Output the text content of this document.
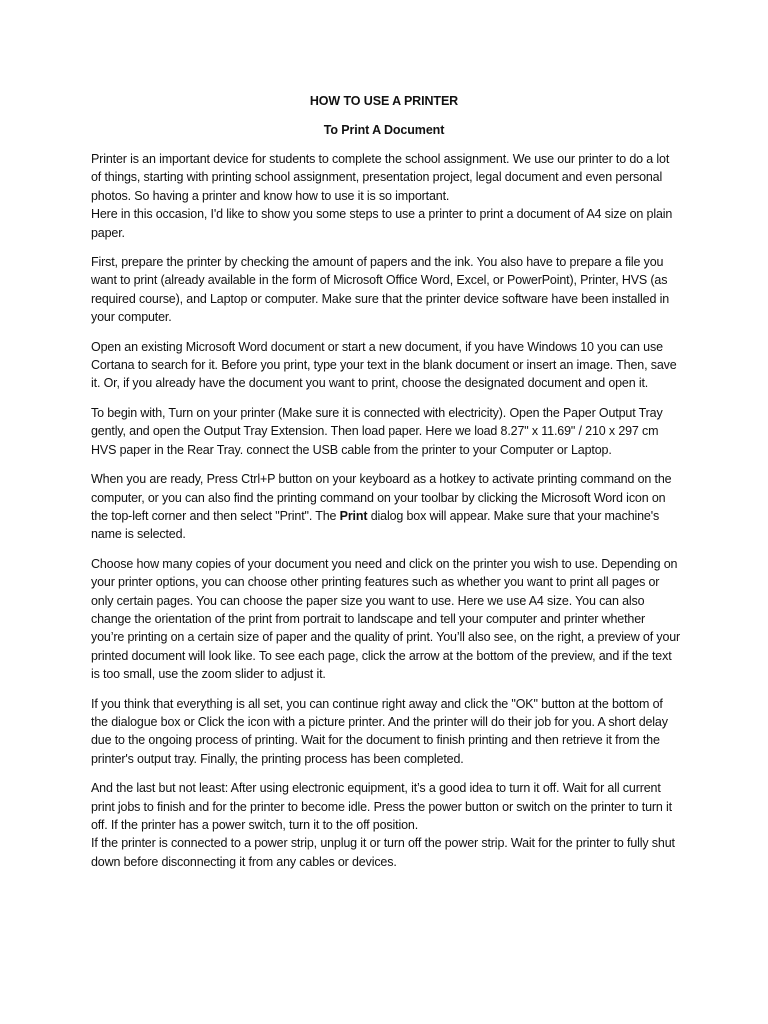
HOW TO USE A PRINTER
To Print A Document

Printer is an important device for students to complete the school assignment. We use our printer to do a lot of things, starting with printing school assignment, presentation project, legal document and even personal photos. So having a printer and know how to use it is so important.

Here in this occasion, I'd like to show you some steps to use a printer to print a document of A4 size on plain paper.

First, prepare the printer by checking the amount of papers and the ink. You also have to prepare a file you want to print (already available in the form of Microsoft Office Word, Excel, or PowerPoint), Printer, HVS (as required course), and Laptop or computer. Make sure that the printer device software have been installed in your computer.

Open an existing Microsoft Word document or start a new document, if you have Windows 10 you can use Cortana to search for it. Before you print, type your text in the blank document or insert an image. Then, save it. Or, if you already have the document you want to print, choose the designated document and open it.

To begin with, Turn on your printer (Make sure it is connected with electricity). Open the Paper Output Tray gently, and open the Output Tray Extension. Then load paper. Here we load 8.27" x 11.69" / 210 x 297 cm HVS paper in the Rear Tray. connect the USB cable from the printer to your Computer or Laptop.

When you are ready, Press Ctrl+P button on your keyboard as a hotkey to activate printing command on the computer, or you can also find the printing command on your toolbar by clicking the Microsoft Word icon on the top-left corner and then select "Print". The Print dialog box will appear. Make sure that your machine's name is selected.

Choose how many copies of your document you need and click on the printer you wish to use. Depending on your printer options, you can choose other printing features such as whether you want to print all pages or only certain pages. You can choose the paper size you want to use. Here we use A4 size. You can also change the orientation of the print from portrait to landscape and tell your computer and printer whether you’re printing on a certain size of paper and the quality of print. You’ll also see, on the right, a preview of your printed document will look like. To see each page, click the arrow at the bottom of the preview, and if the text is too small, use the zoom slider to adjust it.

If you think that everything is all set, you can continue right away and click the "OK" button at the bottom of the dialogue box or Click the icon with a picture printer. And the printer will do their job for you. A short delay due to the ongoing process of printing. Wait for the document to finish printing and then retrieve it from the printer's output tray. Finally, the printing process has been completed.

And the last but not least: After using electronic equipment, it’s a good idea to turn it off. Wait for all current print jobs to finish and for the printer to become idle. Press the power button or switch on the printer to turn it off. If the printer has a power switch, turn it to the off position.

If the printer is connected to a power strip, unplug it or turn off the power strip. Wait for the printer to fully shut down before disconnecting it from any cables or devices.
